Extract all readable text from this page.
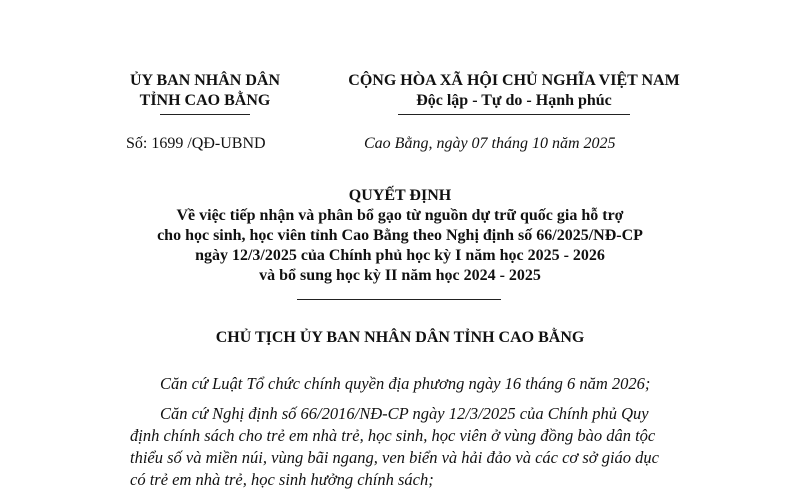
ỦY BAN NHÂN DÂN
TỈNH CAO BẰNG
CỘNG HÒA XÃ HỘI CHỦ NGHĨA VIỆT NAM
Độc lập - Tự do - Hạnh phúc
Số: 1699 /QĐ-UBND	Cao Bằng, ngày 07 tháng 10 năm 2025
QUYẾT ĐỊNH
Về việc tiếp nhận và phân bổ gạo từ nguồn dự trữ quốc gia hỗ trợ
cho học sinh, học viên tỉnh Cao Bằng theo Nghị định số 66/2025/NĐ-CP
ngày 12/3/2025 của Chính phủ học kỳ I năm học 2025 - 2026
và bổ sung học kỳ II năm học 2024 - 2025
CHỦ TỊCH ỦY BAN NHÂN DÂN TỈNH CAO BẰNG
Căn cứ Luật Tổ chức chính quyền địa phương ngày 16 tháng 6 năm 2026;
Căn cứ Nghị định số 66/2016/NĐ-CP ngày 12/3/2025 của Chính phủ Quy
định chính sách cho trẻ em nhà trẻ, học sinh, học viên ở vùng đồng bào dân tộc
thiểu số và miền núi, vùng bãi ngang, ven biển và hải đảo và các cơ sở giáo dục
có trẻ em nhà trẻ, học sinh hưởng chính sách;
